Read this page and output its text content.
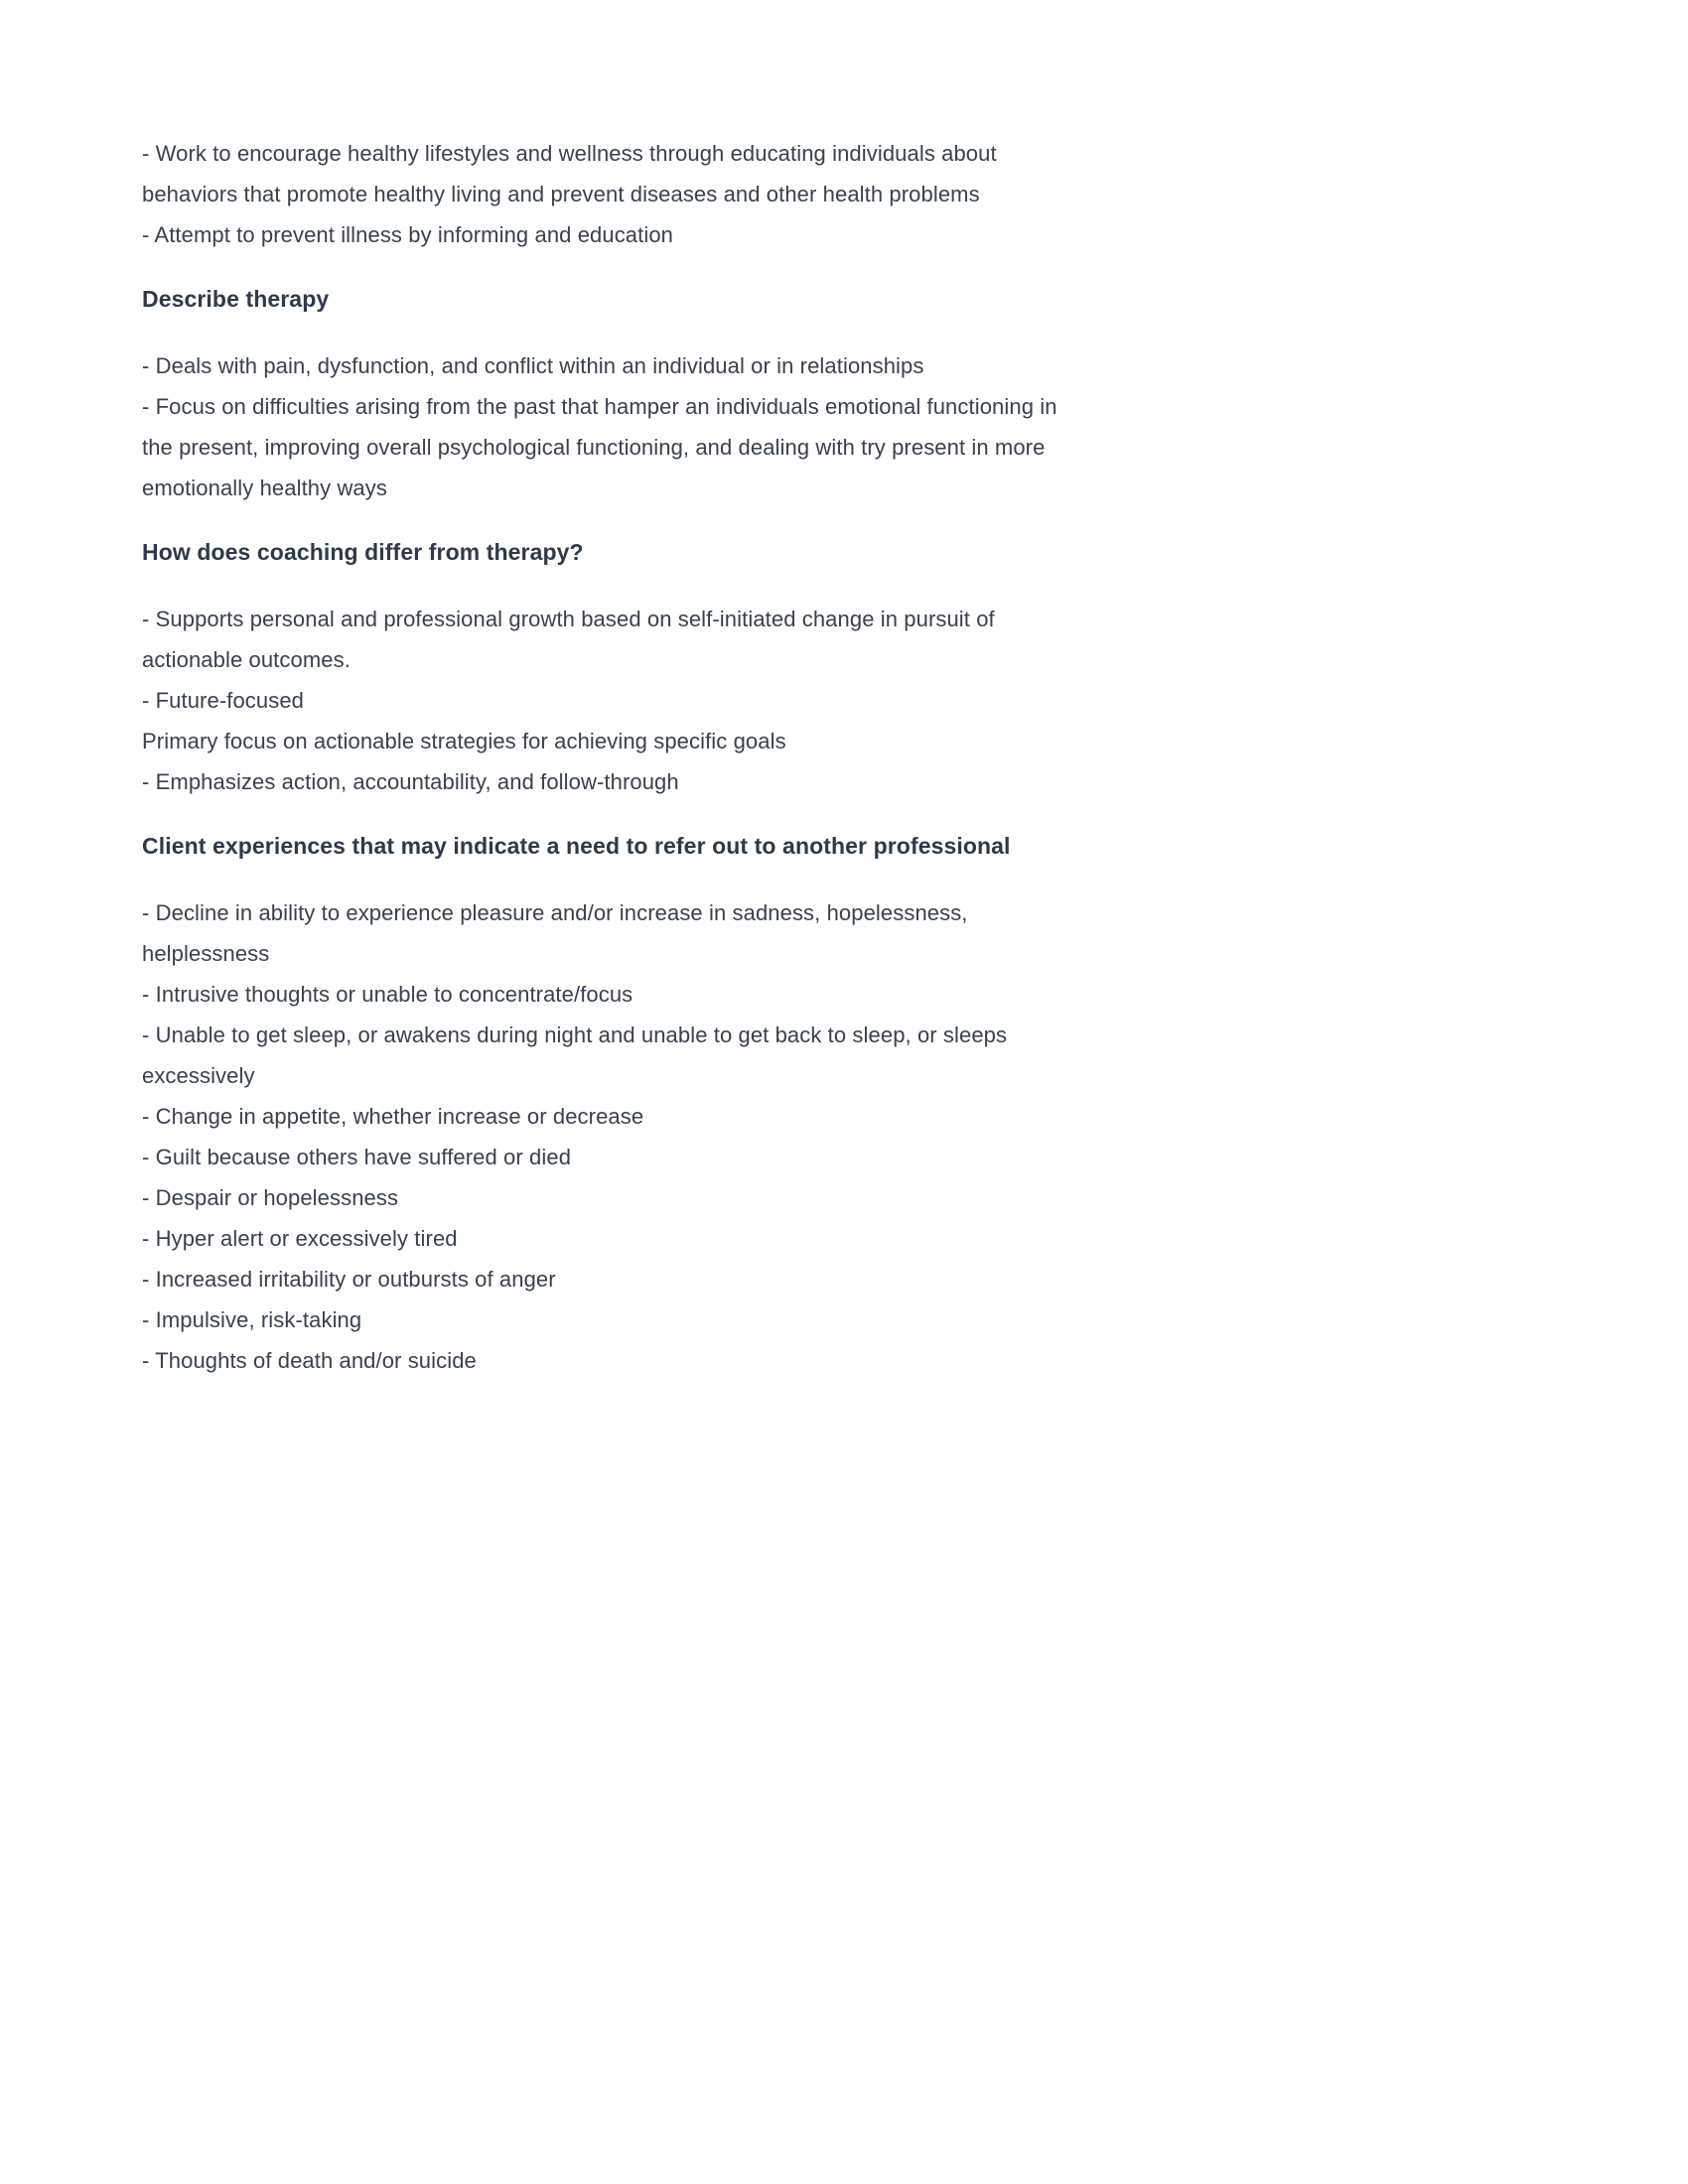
- Work to encourage healthy lifestyles and wellness through educating individuals about behaviors that promote healthy living and prevent diseases and other health problems
- Attempt to prevent illness by informing and education

Describe therapy

- Deals with pain, dysfunction, and conflict within an individual or in relationships
- Focus on difficulties arising from the past that hamper an individuals emotional functioning in the present, improving overall psychological functioning, and dealing with try present in more emotionally healthy ways

How does coaching differ from therapy?

- Supports personal and professional growth based on self-initiated change in pursuit of actionable outcomes.
- Future-focused
Primary focus on actionable strategies for achieving specific goals
- Emphasizes action, accountability, and follow-through

Client experiences that may indicate a need to refer out to another professional

- Decline in ability to experience pleasure and/or increase in sadness, hopelessness, helplessness
- Intrusive thoughts or unable to concentrate/focus
- Unable to get sleep, or awakens during night and unable to get back to sleep, or sleeps excessively
- Change in appetite, whether increase or decrease
- Guilt because others have suffered or died
- Despair or hopelessness
- Hyper alert or excessively tired
- Increased irritability or outbursts of anger
- Impulsive, risk-taking
- Thoughts of death and/or suicide
